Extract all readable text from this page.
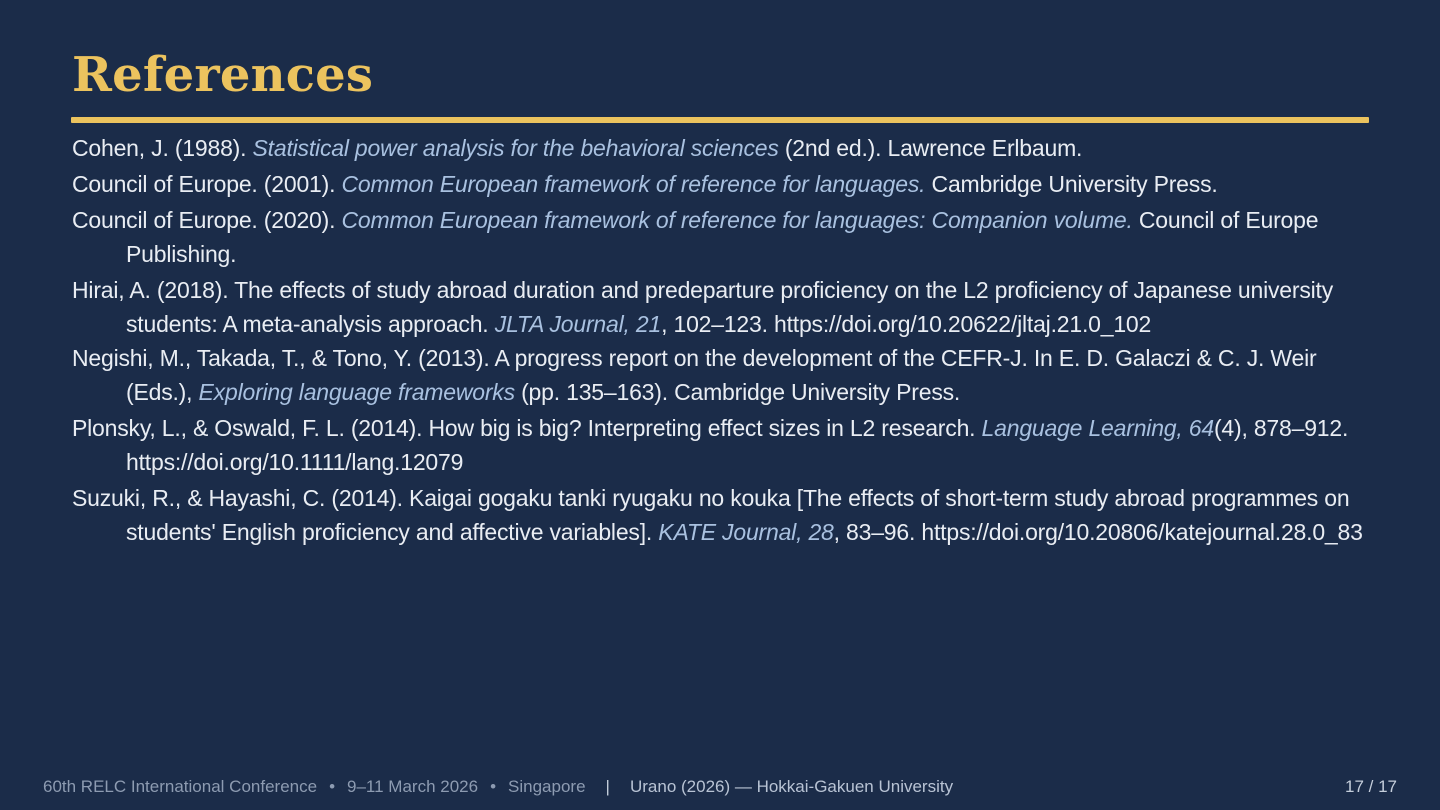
References
Cohen, J. (1988). Statistical power analysis for the behavioral sciences (2nd ed.). Lawrence Erlbaum.
Council of Europe. (2001). Common European framework of reference for languages. Cambridge University Press.
Council of Europe. (2020). Common European framework of reference for languages: Companion volume. Council of Europe Publishing.
Hirai, A. (2018). The effects of study abroad duration and predeparture proficiency on the L2 proficiency of Japanese university students: A meta-analysis approach. JLTA Journal, 21, 102–123. https://doi.org/10.20622/jltaj.21.0_102
Negishi, M., Takada, T., & Tono, Y. (2013). A progress report on the development of the CEFR-J. In E. D. Galaczi & C. J. Weir (Eds.), Exploring language frameworks (pp. 135–163). Cambridge University Press.
Plonsky, L., & Oswald, F. L. (2014). How big is big? Interpreting effect sizes in L2 research. Language Learning, 64(4), 878–912. https://doi.org/10.1111/lang.12079
Suzuki, R., & Hayashi, C. (2014). Kaigai gogaku tanki ryugaku no kouka [The effects of short-term study abroad programmes on students' English proficiency and affective variables]. KATE Journal, 28, 83–96. https://doi.org/10.20806/katejournal.28.0_83
60th RELC International Conference • 9–11 March 2026 • Singapore | Urano (2026) — Hokkai-Gakuen University	17 / 17
